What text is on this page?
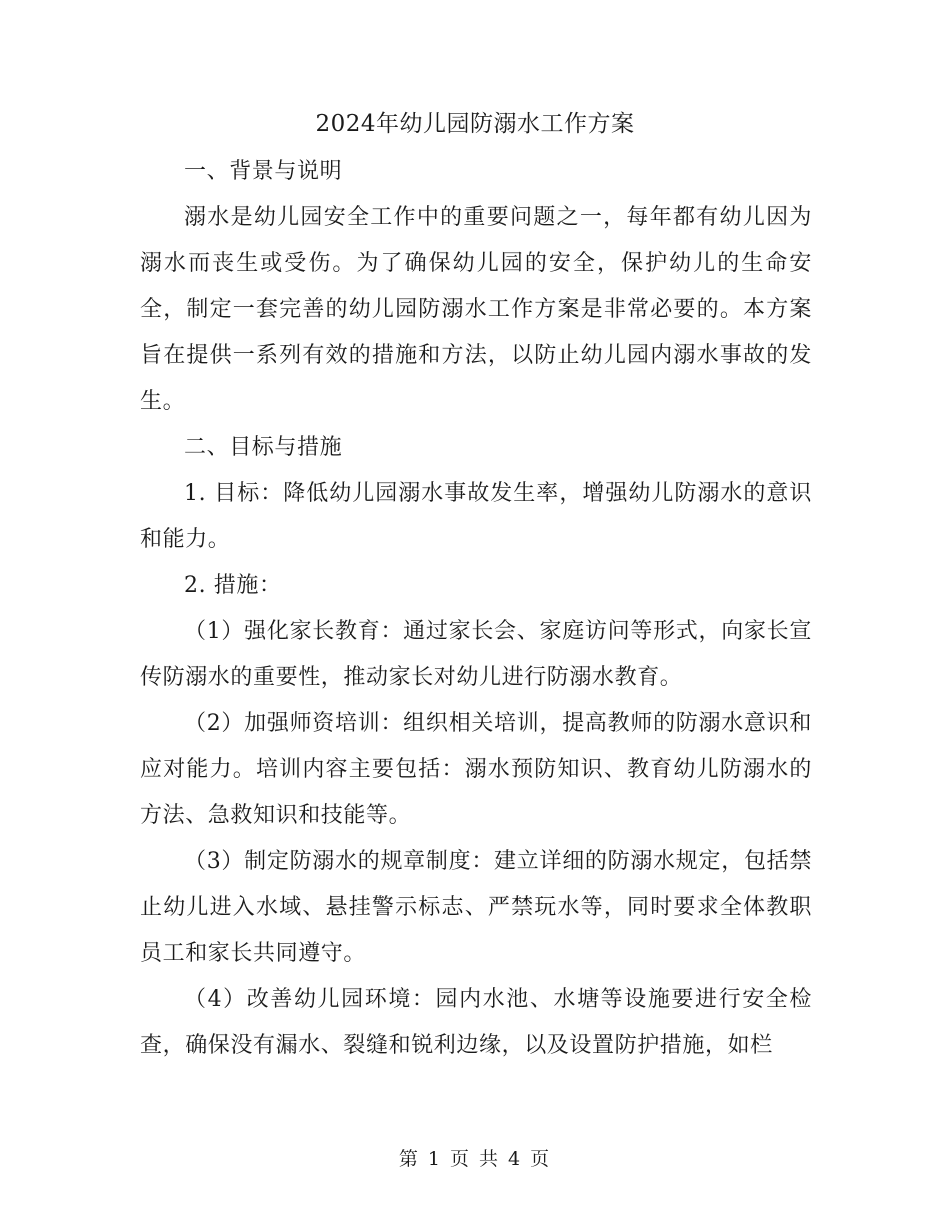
2024年幼儿园防溺水工作方案

一、背景与说明

溺水是幼儿园安全工作中的重要问题之一，每年都有幼儿因为溺水而丧生或受伤。为了确保幼儿园的安全，保护幼儿的生命安全，制定一套完善的幼儿园防溺水工作方案是非常必要的。本方案旨在提供一系列有效的措施和方法，以防止幼儿园内溺水事故的发生。

二、目标与措施

1. 目标：降低幼儿园溺水事故发生率，增强幼儿防溺水的意识和能力。

2. 措施：

（1）强化家长教育：通过家长会、家庭访问等形式，向家长宣传防溺水的重要性，推动家长对幼儿进行防溺水教育。

（2）加强师资培训：组织相关培训，提高教师的防溺水意识和应对能力。培训内容主要包括：溺水预防知识、教育幼儿防溺水的方法、急救知识和技能等。

（3）制定防溺水的规章制度：建立详细的防溺水规定，包括禁止幼儿进入水域、悬挂警示标志、严禁玩水等，同时要求全体教职员工和家长共同遵守。

（4）改善幼儿园环境：园内水池、水塘等设施要进行安全检查，确保没有漏水、裂缝和锐利边缘，以及设置防护措施，如栏

第 1 页 共 4 页
